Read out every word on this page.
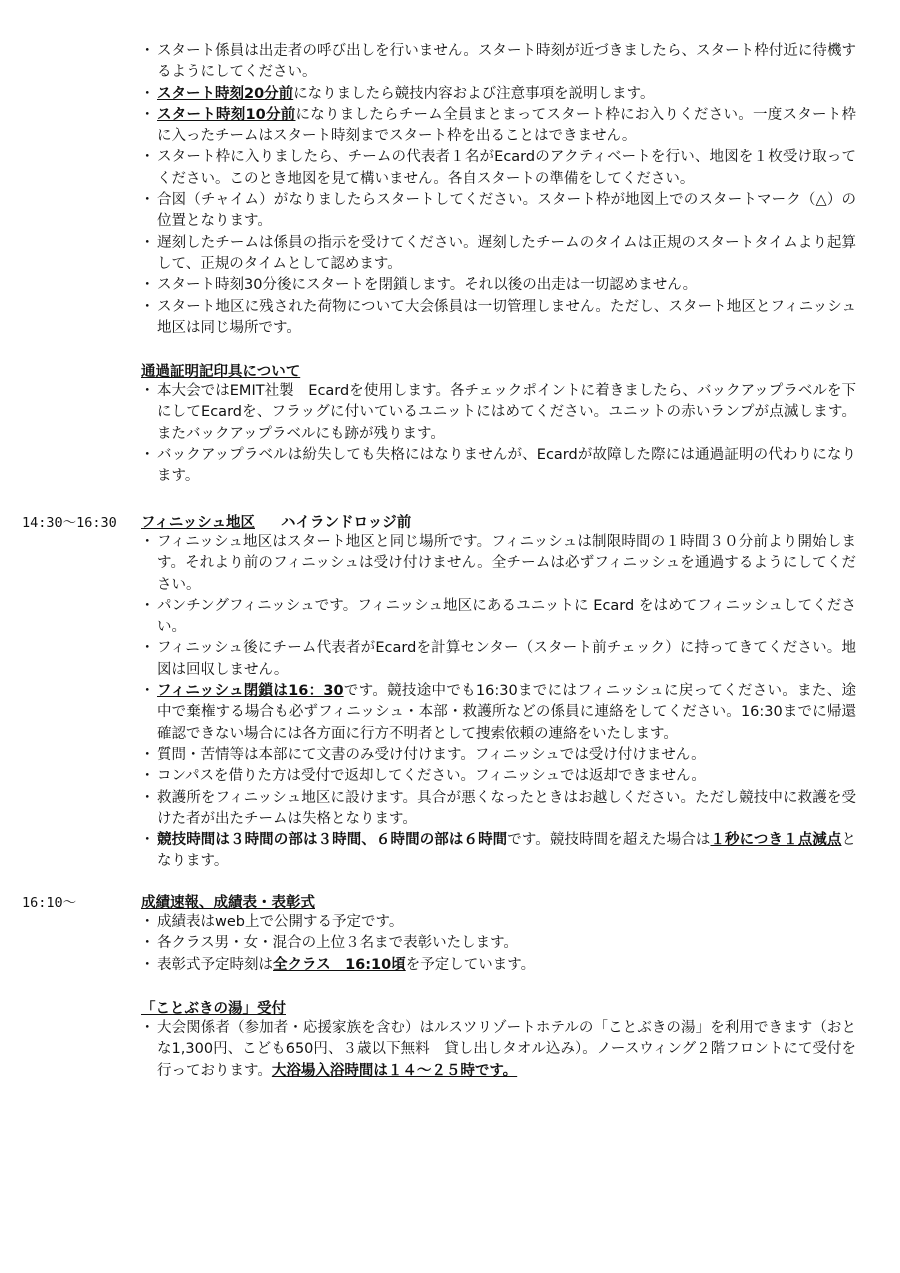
・ スタート係員は出走者の呼び出しを行いません。スタート時刻が近づきましたら、スタート枠付近に待機するようにしてください。
・ スタート時刻20分前になりましたら競技内容および注意事項を説明します。
・ スタート時刻10分前になりましたらチーム全員まとまってスタート枠にお入りください。一度スタート枠に入ったチームはスタート時刻までスタート枠を出ることはできません。
・ スタート枠に入りましたら、チームの代表者１名がEcardのアクティベートを行い、地図を１枚受け取ってください。このとき地図を見て構いません。各自スタートの準備をしてください。
・ 合図（チャイム）がなりましたらスタートしてください。スタート枠が地図上でのスタートマーク（△）の位置となります。
・ 遅刻したチームは係員の指示を受けてください。遅刻したチームのタイムは正規のスタートタイムより起算して、正規のタイムとして認めます。
・ スタート時刻30分後にスタートを閉鎖します。それ以後の出走は一切認めません。
・ スタート地区に残された荷物について大会係員は一切管理しません。ただし、スタート地区とフィニッシュ地区は同じ場所です。
通過証明記印具について
・ 本大会ではEMIT社製　Ecardを使用します。各チェックポイントに着きましたら、バックアップラベルを下にしてEcardを、フラッグに付いているユニットにはめてください。ユニットの赤いランプが点滅します。またバックアップラベルにも跡が残ります。
・ バックアップラベルは紛失しても失格にはなりませんが、Ecardが故障した際には通過証明の代わりになります。
14:30〜16:30 フィニッシュ地区 ハイランドロッジ前
・ フィニッシュ地区はスタート地区と同じ場所です。フィニッシュは制限時間の１時間３０分前より開始します。それより前のフィニッシュは受け付けません。全チームは必ずフィニッシュを通過するようにしてください。
・ パンチングフィニッシュです。フィニッシュ地区にあるユニットに Ecard をはめてフィニッシュしてください。
・ フィニッシュ後にチーム代表者がEcardを計算センター（スタート前チェック）に持ってきてください。地図は回収しません。
・ フィニッシュ閉鎖は16：30です。競技途中でも16:30までにはフィニッシュに戻ってください。また、途中で棄権する場合も必ずフィニッシュ・本部・救護所などの係員に連絡をしてください。16:30までに帰還確認できない場合には各方面に行方不明者として捜索依頼の連絡をいたします。
・ 質問・苦情等は本部にて文書のみ受け付けます。フィニッシュでは受け付けません。
・ コンパスを借りた方は受付で返却してください。フィニッシュでは返却できません。
・ 救護所をフィニッシュ地区に設けます。具合が悪くなったときはお越しください。ただし競技中に救護を受けた者が出たチームは失格となります。
・ 競技時間は３時間の部は３時間、６時間の部は６時間です。競技時間を超えた場合は１秒につき１点減点となります。
16:10〜	成績速報、成績表・表彰式
・ 成績表はweb上で公開する予定です。
・ 各クラス男・女・混合の上位３名まで表彰いたします。
・ 表彰式予定時刻は全クラス　16:10頃を予定しています。
「ことぶきの湯」受付
・ 大会関係者（参加者・応援家族を含む）はルスツリゾートホテルの「ことぶきの湯」を利用できます（おとな1,300円、こども650円、３歳以下無料　貸し出しタオル込み）。ノースウィング２階フロントにて受付を行っております。大浴場入浴時間は１４〜２５時です。
